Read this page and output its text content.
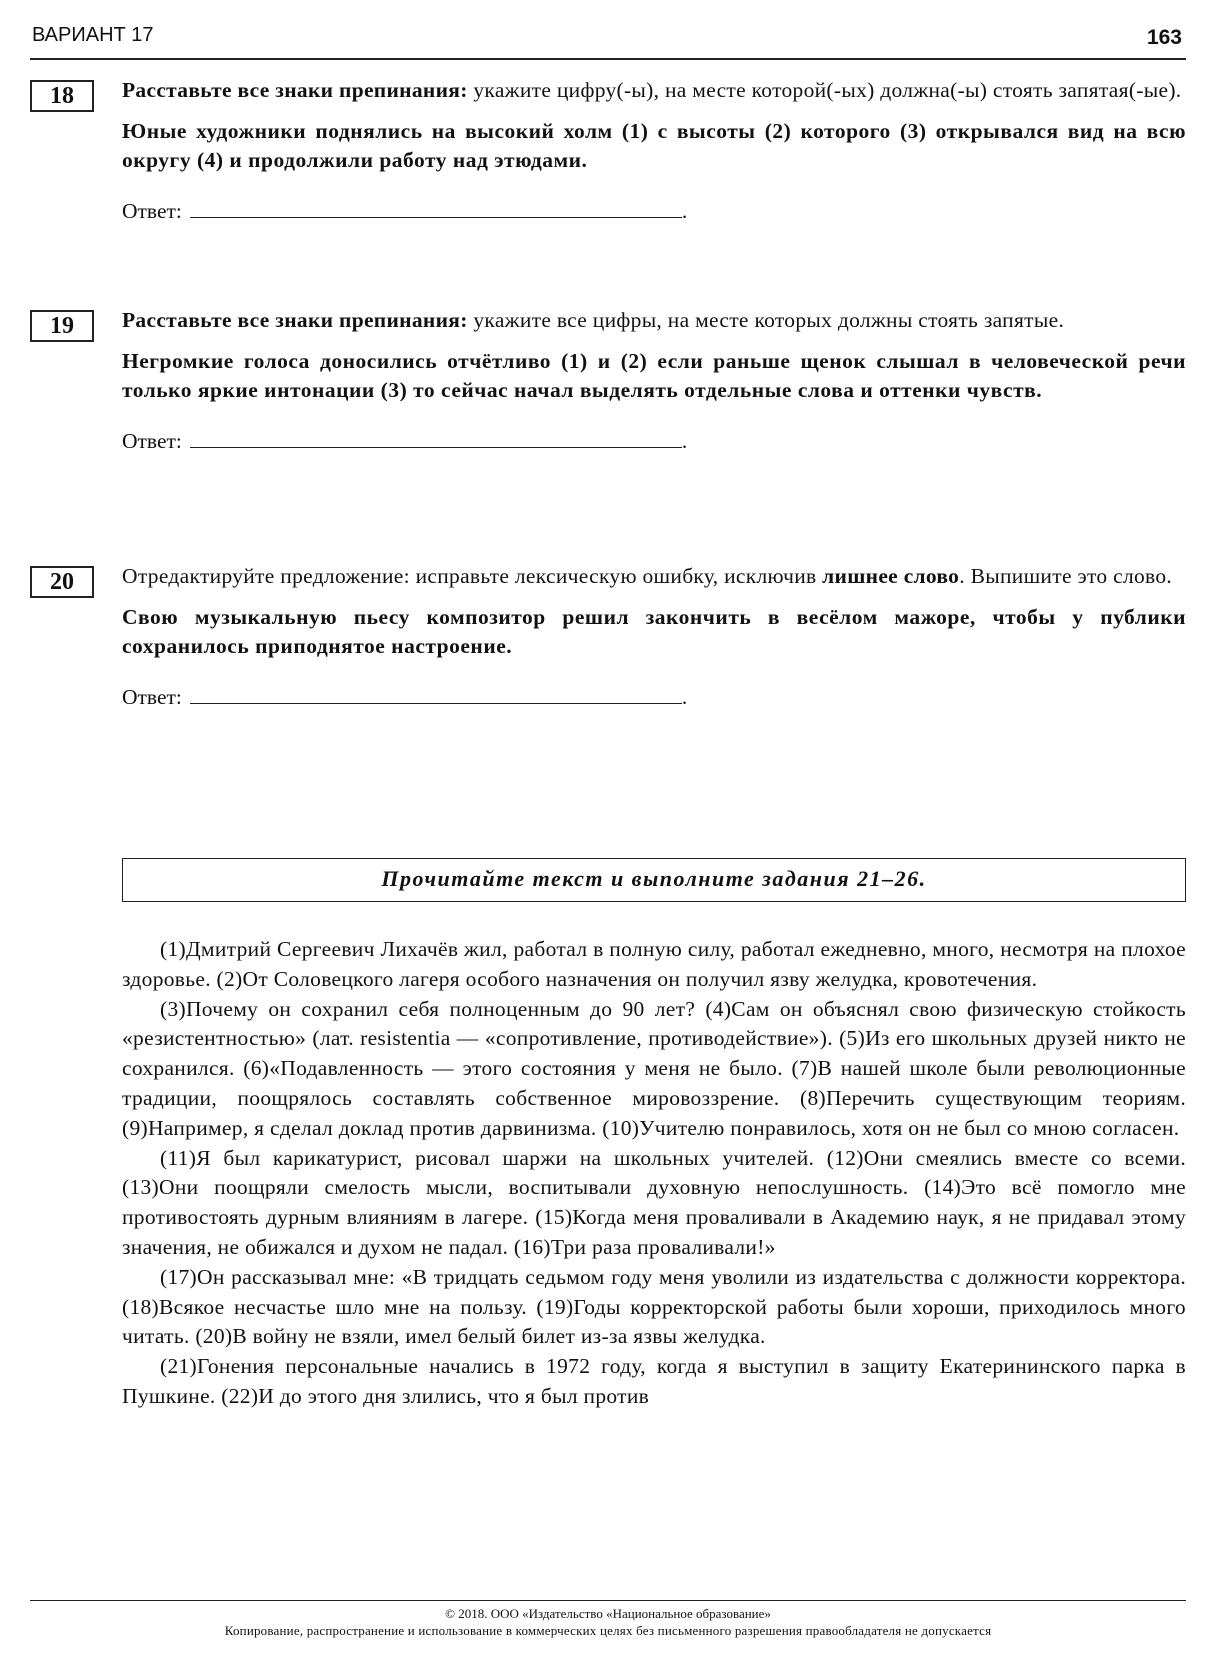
ВАРИАНТ 17	163
18	Расставьте все знаки препинания: укажите цифру(-ы), на месте которой(-ых) должна(-ы) стоять запятая(-ые).

Юные художники поднялись на высокий холм (1) с высоты (2) которого (3) открывался вид на всю округу (4) и продолжили работу над этюдами.

Ответ:	.
19	Расставьте все знаки препинания: укажите все цифры, на месте которых должны стоять запятые.

Негромкие голоса доносились отчётливо (1) и (2) если раньше щенок слышал в человеческой речи только яркие интонации (3) то сейчас начал выделять отдельные слова и оттенки чувств.

Ответ:	.
20	Отредактируйте предложение: исправьте лексическую ошибку, исключив лишнее слово. Выпишите это слово.

Свою музыкальную пьесу композитор решил закончить в весёлом мажоре, чтобы у публики сохранилось приподнятое настроение.

Ответ:	.
Прочитайте текст и выполните задания 21–26.

(1)Дмитрий Сергеевич Лихачёв жил, работал в полную силу, работал ежедневно, много, несмотря на плохое здоровье. (2)От Соловецкого лагеря особого назначения он получил язву желудка, кровотечения.

(3)Почему он сохранил себя полноценным до 90 лет? (4)Сам он объяснял свою физическую стойкость «резистентностью» (лат. resistentia — «сопротивление, противодействие»). (5)Из его школьных друзей никто не сохранился. (6)«Подавленность — этого состояния у меня не было. (7)В нашей школе были революционные традиции, поощрялось составлять собственное мировоззрение. (8)Перечить существующим теориям. (9)Например, я сделал доклад против дарвинизма. (10)Учителю понравилось, хотя он не был со мною согласен.

(11)Я был карикатурист, рисовал шаржи на школьных учителей. (12)Они смеялись вместе со всеми. (13)Они поощряли смелость мысли, воспитывали духовную непослушность. (14)Это всё помогло мне противостоять дурным влияниям в лагере. (15)Когда меня проваливали в Академию наук, я не придавал этому значения, не обижался и духом не падал. (16)Три раза проваливали!»

(17)Он рассказывал мне: «В тридцать седьмом году меня уволили из издательства с должности корректора. (18)Всякое несчастье шло мне на пользу. (19)Годы корректорской работы были хороши, приходилось много читать. (20)В войну не взяли, имел белый билет из-за язвы желудка.

(21)Гонения персональные начались в 1972 году, когда я выступил в защиту Екатерининского парка в Пушкине. (22)И до этого дня злились, что я был против

© 2018. ООО «Издательство «Национальное образование»
Копирование, распространение и использование в коммерческих целях без письменного разрешения правообладателя не допускается
